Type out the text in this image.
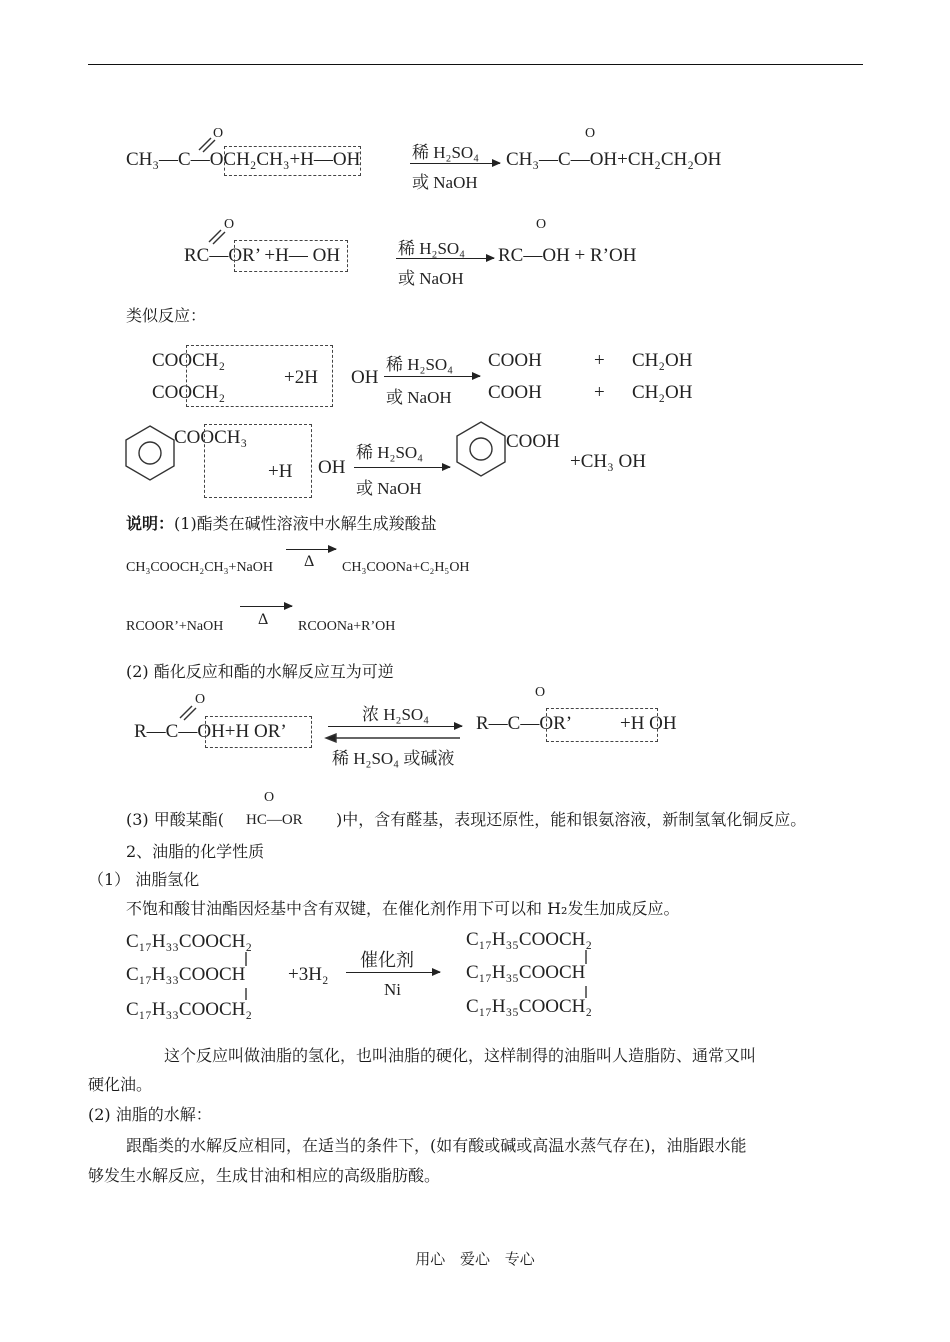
CH₃—C—OCH₂CH₃+H—OH
O
稀 H₂SO₄
或 NaOH
CH₃—C—OH+CH₂CH₂OH
O
RC—OR’ +H— OH
O
稀 H₂SO₄
或 NaOH
RC—OH + R’OH
O
类似反应：
COOCH₂
COOCH₂
+2H OH
稀 H₂SO₄
或 NaOH
COOH
COOH
+
+
CH₂OH
CH₂OH
COOCH₃
+H OH
稀 H₂SO₄
或 NaOH
COOH
+CH₃ OH
说明：(1)酯类在碱性溶液中水解生成羧酸盐
CH₃COOCH₂CH₃+NaOH Δ CH₃COONa+C₂H₅OH
RCOOR’+NaOH Δ RCOONa+R’OH
(2) 酯化反应和酯的水解反应互为可逆
R—C—OH+H OR’
O
浓 H₂SO₄
稀 H₂SO₄ 或碱液
R—C—OR’
O
+H OH
(3) 甲酸某酯( HC—OR
O
)中，含有醛基，表现还原性，能和银氨溶液，新制氢氧化铜反应。
2、油脂的化学性质
（1） 油脂氢化
不饱和酸甘油酯因烃基中含有双键，在催化剂作用下可以和 H₂发生加成反应。
C₁₇H₃₃COOCH₂
C₁₇H₃₃COOCH
C₁₇H₃₃COOCH₂
+3H₂
催化剂
Ni
C₁₇H₃₅COOCH₂
C₁₇H₃₅COOCH
C₁₇H₃₅COOCH₂
这个反应叫做油脂的氢化，也叫油脂的硬化，这样制得的油脂叫人造脂防、通常又叫
硬化油。
(2) 油脂的水解：
跟酯类的水解反应相同，在适当的条件下，(如有酸或碱或高温水蒸气存在)，油脂跟水能
够发生水解反应，生成甘油和相应的高级脂肪酸。
用心 爱心 专心
